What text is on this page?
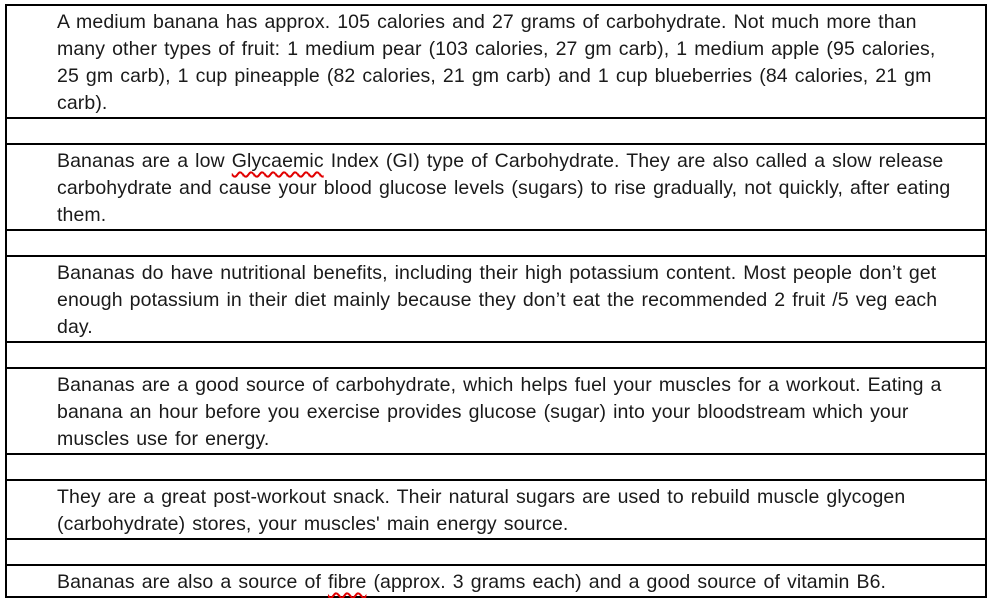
A medium banana has approx. 105 calories and 27 grams of carbohydrate. Not much more than many other types of fruit: 1 medium pear (103 calories, 27 gm carb), 1 medium apple (95 calories, 25 gm carb), 1 cup pineapple (82 calories, 21 gm carb) and 1 cup blueberries (84 calories, 21 gm carb).
Bananas are a low Glycaemic Index (GI) type of Carbohydrate. They are also called a slow release carbohydrate and cause your blood glucose levels (sugars) to rise gradually, not quickly, after eating them.
Bananas do have nutritional benefits, including their high potassium content. Most people don’t get enough potassium in their diet mainly because they don’t eat the recommended 2 fruit /5 veg each day.
Bananas are a good source of carbohydrate, which helps fuel your muscles for a workout. Eating a banana an hour before you exercise provides glucose (sugar) into your bloodstream which your muscles use for energy.
They are a great post-workout snack. Their natural sugars are used to rebuild muscle glycogen (carbohydrate) stores, your muscles' main energy source.
Bananas are also a source of fibre (approx. 3 grams each) and a good source of vitamin B6.
